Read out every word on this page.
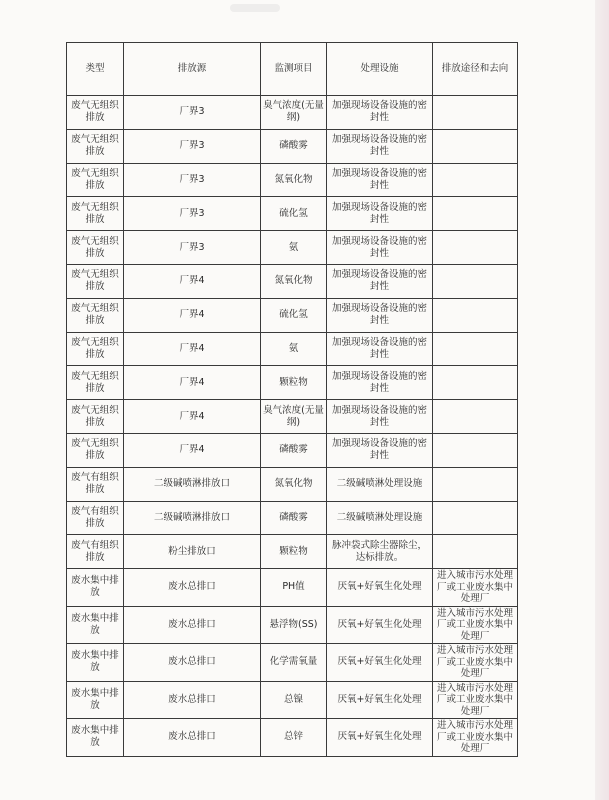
类型	排放源	监测项目	处理设施	排放途径和去向
废气无组织排放	厂界3	臭气浓度(无量纲)	加强现场设备设施的密封性	
废气无组织排放	厂界3	磷酸雾	加强现场设备设施的密封性	
废气无组织排放	厂界3	氮氧化物	加强现场设备设施的密封性	
废气无组织排放	厂界3	硫化氢	加强现场设备设施的密封性	
废气无组织排放	厂界3	氨	加强现场设备设施的密封性	
废气无组织排放	厂界4	氮氧化物	加强现场设备设施的密封性	
废气无组织排放	厂界4	硫化氢	加强现场设备设施的密封性	
废气无组织排放	厂界4	氨	加强现场设备设施的密封性	
废气无组织排放	厂界4	颗粒物	加强现场设备设施的密封性	
废气无组织排放	厂界4	臭气浓度(无量纲)	加强现场设备设施的密封性	
废气无组织排放	厂界4	磷酸雾	加强现场设备设施的密封性	
废气有组织排放	二级碱喷淋排放口	氮氧化物	二级碱喷淋处理设施	
废气有组织排放	二级碱喷淋排放口	磷酸雾	二级碱喷淋处理设施	
废气有组织排放	粉尘排放口	颗粒物	脉冲袋式除尘器除尘，达标排放。	
废水集中排放	废水总排口	PH值	厌氧+好氧生化处理	进入城市污水处理厂或工业废水集中处理厂
废水集中排放	废水总排口	悬浮物(SS)	厌氧+好氧生化处理	进入城市污水处理厂或工业废水集中处理厂
废水集中排放	废水总排口	化学需氧量	厌氧+好氧生化处理	进入城市污水处理厂或工业废水集中处理厂
废水集中排放	废水总排口	总镍	厌氧+好氧生化处理	进入城市污水处理厂或工业废水集中处理厂
废水集中排放	废水总排口	总锌	厌氧+好氧生化处理	进入城市污水处理厂或工业废水集中处理厂
